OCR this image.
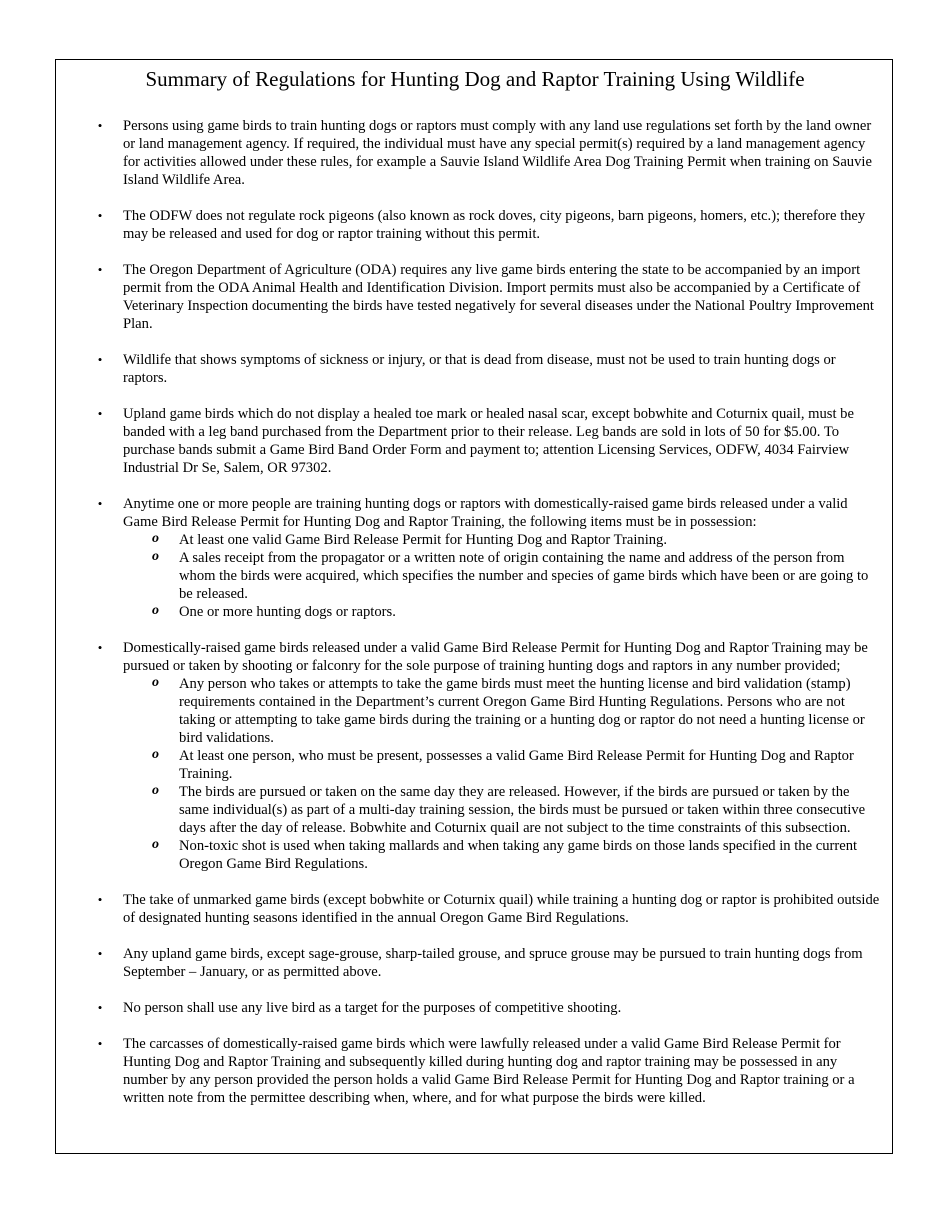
Summary of Regulations for Hunting Dog and Raptor Training Using Wildlife
• Persons using game birds to train hunting dogs or raptors must comply with any land use regulations set forth by the land owner or land management agency. If required, the individual must have any special permit(s) required by a land management agency for activities allowed under these rules, for example a Sauvie Island Wildlife Area Dog Training Permit when training on Sauvie Island Wildlife Area.
• The ODFW does not regulate rock pigeons (also known as rock doves, city pigeons, barn pigeons, homers, etc.); therefore they may be released and used for dog or raptor training without this permit.
• The Oregon Department of Agriculture (ODA) requires any live game birds entering the state to be accompanied by an import permit from the ODA Animal Health and Identification Division. Import permits must also be accompanied by a Certificate of Veterinary Inspection documenting the birds have tested negatively for several diseases under the National Poultry Improvement Plan.
• Wildlife that shows symptoms of sickness or injury, or that is dead from disease, must not be used to train hunting dogs or raptors.
• Upland game birds which do not display a healed toe mark or healed nasal scar, except bobwhite and Coturnix quail, must be banded with a leg band purchased from the Department prior to their release. Leg bands are sold in lots of 50 for $5.00. To purchase bands submit a Game Bird Band Order Form and payment to; attention Licensing Services, ODFW, 4034 Fairview Industrial Dr Se, Salem, OR 97302.
• Anytime one or more people are training hunting dogs or raptors with domestically-raised game birds released under a valid Game Bird Release Permit for Hunting Dog and Raptor Training, the following items must be in possession:
o At least one valid Game Bird Release Permit for Hunting Dog and Raptor Training.
o A sales receipt from the propagator or a written note of origin containing the name and address of the person from whom the birds were acquired, which specifies the number and species of game birds which have been or are going to be released.
o One or more hunting dogs or raptors.
• Domestically-raised game birds released under a valid Game Bird Release Permit for Hunting Dog and Raptor Training may be pursued or taken by shooting or falconry for the sole purpose of training hunting dogs and raptors in any number provided;
o Any person who takes or attempts to take the game birds must meet the hunting license and bird validation (stamp) requirements contained in the Department’s current Oregon Game Bird Hunting Regulations. Persons who are not taking or attempting to take game birds during the training or a hunting dog or raptor do not need a hunting license or bird validations.
o At least one person, who must be present, possesses a valid Game Bird Release Permit for Hunting Dog and Raptor Training.
o The birds are pursued or taken on the same day they are released. However, if the birds are pursued or taken by the same individual(s) as part of a multi-day training session, the birds must be pursued or taken within three consecutive days after the day of release. Bobwhite and Coturnix quail are not subject to the time constraints of this subsection.
o Non-toxic shot is used when taking mallards and when taking any game birds on those lands specified in the current Oregon Game Bird Regulations.
• The take of unmarked game birds (except bobwhite or Coturnix quail) while training a hunting dog or raptor is prohibited outside of designated hunting seasons identified in the annual Oregon Game Bird Regulations.
• Any upland game birds, except sage-grouse, sharp-tailed grouse, and spruce grouse may be pursued to train hunting dogs from September – January, or as permitted above.
• No person shall use any live bird as a target for the purposes of competitive shooting.
• The carcasses of domestically-raised game birds which were lawfully released under a valid Game Bird Release Permit for Hunting Dog and Raptor Training and subsequently killed during hunting dog and raptor training may be possessed in any number by any person provided the person holds a valid Game Bird Release Permit for Hunting Dog and Raptor training or a written note from the permittee describing when, where, and for what purpose the birds were killed.
